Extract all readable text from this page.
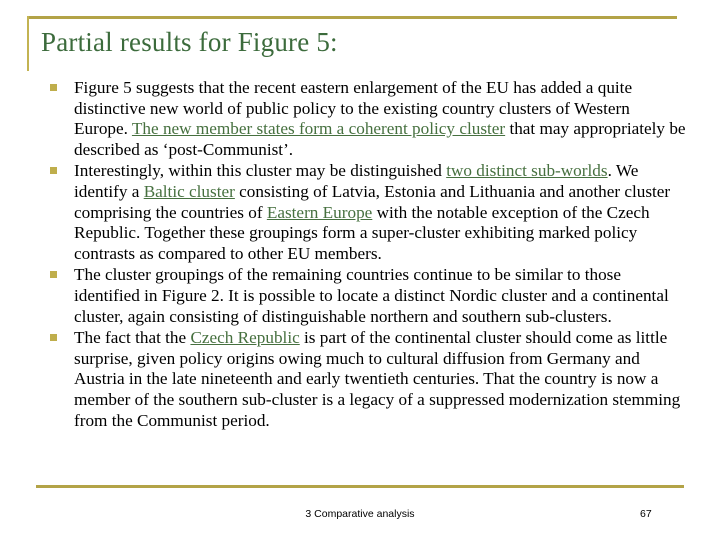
Partial results for Figure 5:
Figure 5 suggests that the recent eastern enlargement of the EU has added a quite distinctive new world of public policy to the existing country clusters of Western Europe. The new member states form a coherent policy cluster that may appropriately be described as ‘post-Communist’.
Interestingly, within this cluster may be distinguished two distinct sub-worlds. We identify a Baltic cluster consisting of Latvia, Estonia and Lithuania and another cluster comprising the countries of Eastern Europe with the notable exception of the Czech Republic. Together these groupings form a super-cluster exhibiting marked policy contrasts as compared to other EU members.
The cluster groupings of the remaining countries continue to be similar to those identified in Figure 2. It is possible to locate a distinct Nordic cluster and a continental cluster, again consisting of distinguishable northern and southern sub-clusters.
The fact that the Czech Republic is part of the continental cluster should come as little surprise, given policy origins owing much to cultural diffusion from Germany and Austria in the late nineteenth and early twentieth centuries. That the country is now a member of the southern sub-cluster is a legacy of a suppressed modernization stemming from the Communist period.
3 Comparative analysis	67
